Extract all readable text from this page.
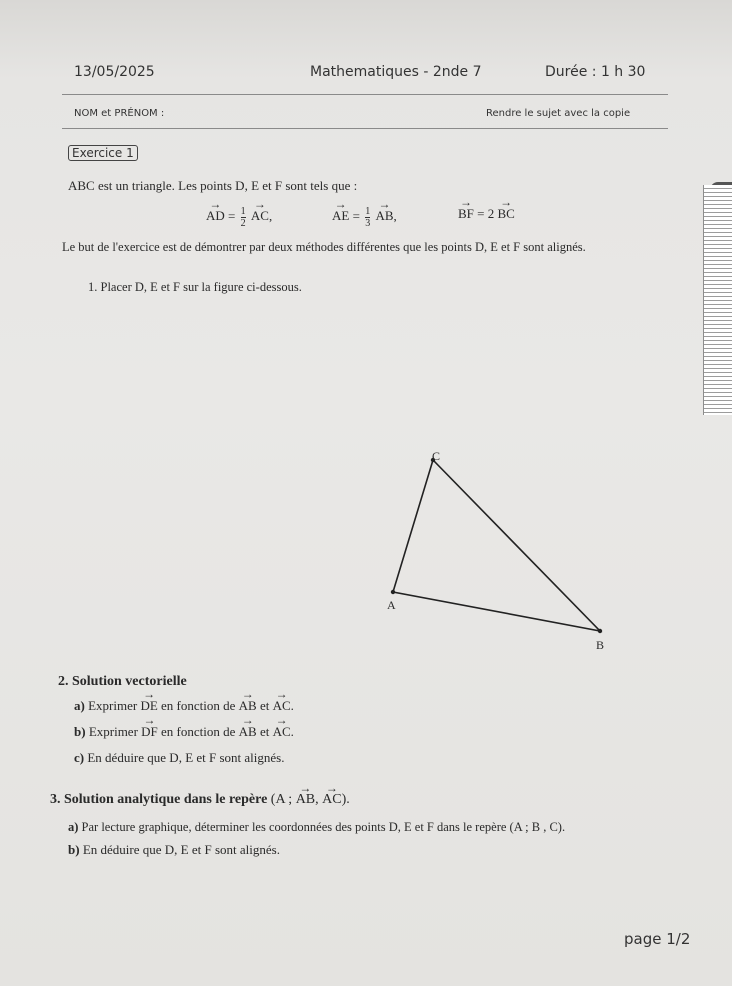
13/05/2025	Mathematiques - 2nde 7	Durée : 1 h 30
NOM et PRÉNOM :	Rendre le sujet avec la copie
Exercice 1
ABC est un triangle. Les points D, E et F sont tels que :
→ AD = $\frac{1}{2}$ → AC,	→ AE = $\frac{1}{3}$ → AB,	→ BF = 2 → BC
Le but de l'exercice est de démontrer par deux méthodes différentes que les points D, E et F sont alignés.
1. Placer D, E et F sur la figure ci-dessous.
C
A
B
2. Solution vectorielle
a) Exprimer → DE en fonction de → AB et → AC.
b) Exprimer → DF en fonction de → AB et → AC.
c) En déduire que D, E et F sont alignés.
3. Solution analytique dans le repère (A ; → AB, → AC).
a) Par lecture graphique, déterminer les coordonnées des points D, E et F dans le repère (A ; B , C).
b) En déduire que D, E et F sont alignés.
page 1/2
